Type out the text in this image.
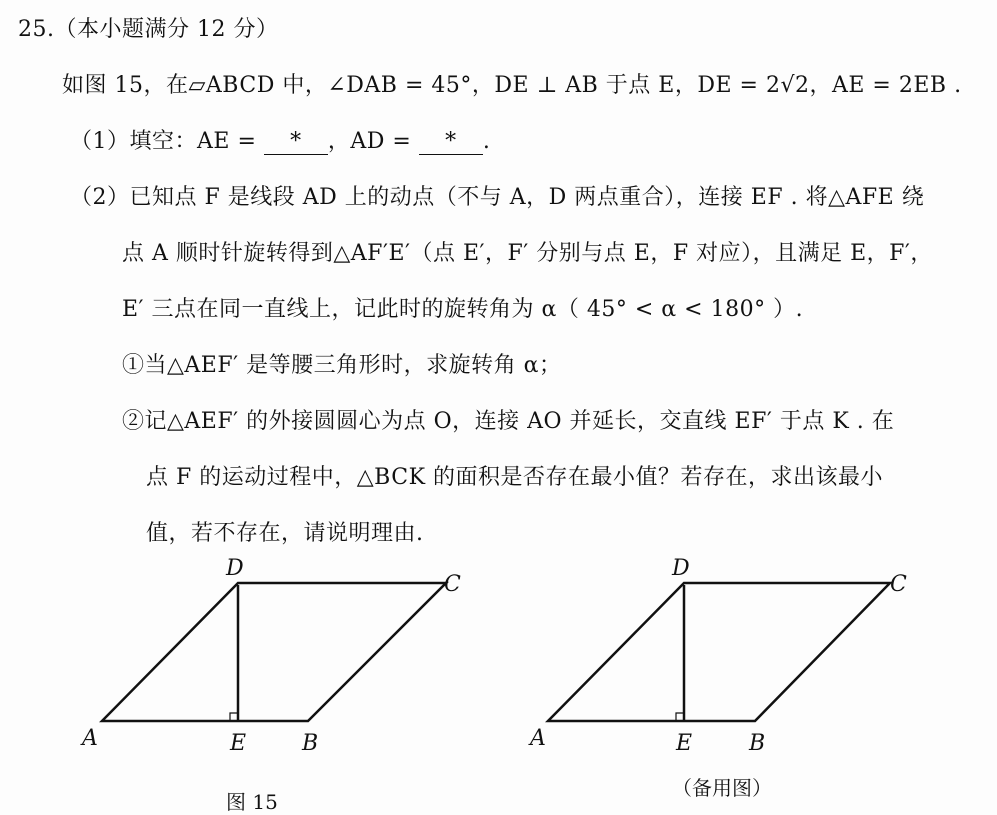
25.（本小题满分 12 分）
如图 15，在▱ABCD 中，∠DAB = 45°，DE ⊥ AB 于点 E，DE = 2√2，AE = 2EB .
（1）填空：AE = * ，AD = * .
（2）已知点 F 是线段 AD 上的动点（不与 A，D 两点重合），连接 EF . 将△AFE 绕
点 A 顺时针旋转得到△AF′E′（点 E′，F′ 分别与点 E，F 对应），且满足 E，F′，
E′ 三点在同一直线上，记此时的旋转角为 α（ 45° < α < 180° ）.
①当△AEF′ 是等腰三角形时，求旋转角 α；
②记△AEF′ 的外接圆圆心为点 O，连接 AO 并延长，交直线 EF′ 于点 K . 在
点 F 的运动过程中，△BCK 的面积是否存在最小值？若存在，求出该最小
值，若不存在，请说明理由.
A	E	B
D
C
A	E	B
D
C
图 15
（备用图）
